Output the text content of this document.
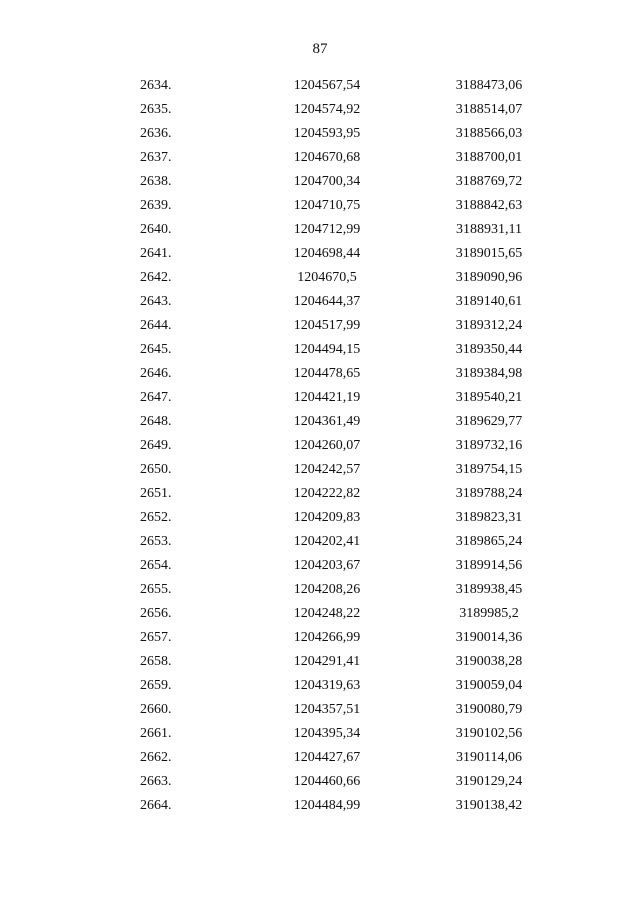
87
2634.	1204567,54	3188473,06
2635.	1204574,92	3188514,07
2636.	1204593,95	3188566,03
2637.	1204670,68	3188700,01
2638.	1204700,34	3188769,72
2639.	1204710,75	3188842,63
2640.	1204712,99	3188931,11
2641.	1204698,44	3189015,65
2642.	1204670,5	3189090,96
2643.	1204644,37	3189140,61
2644.	1204517,99	3189312,24
2645.	1204494,15	3189350,44
2646.	1204478,65	3189384,98
2647.	1204421,19	3189540,21
2648.	1204361,49	3189629,77
2649.	1204260,07	3189732,16
2650.	1204242,57	3189754,15
2651.	1204222,82	3189788,24
2652.	1204209,83	3189823,31
2653.	1204202,41	3189865,24
2654.	1204203,67	3189914,56
2655.	1204208,26	3189938,45
2656.	1204248,22	3189985,2
2657.	1204266,99	3190014,36
2658.	1204291,41	3190038,28
2659.	1204319,63	3190059,04
2660.	1204357,51	3190080,79
2661.	1204395,34	3190102,56
2662.	1204427,67	3190114,06
2663.	1204460,66	3190129,24
2664.	1204484,99	3190138,42
